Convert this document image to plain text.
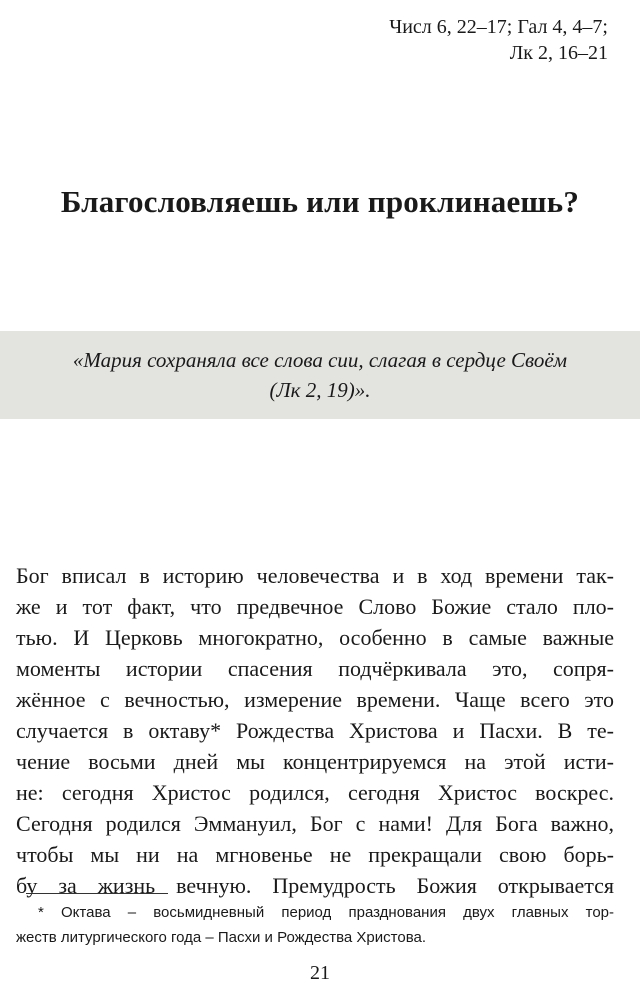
Числ 6, 22–17; Гал 4, 4–7;
Лк 2, 16–21
Благословляешь или проклинаешь?
«Мария сохраняла все слова сии, слагая в сердце Своём
(Лк 2, 19)».
Бог вписал в историю человечества и в ход времени так-
же и тот факт, что предвечное Слово Божие стало пло-
тью. И Церковь многократно, особенно в самые важные
моменты истории спасения подчёркивала это, сопря-
жённое с вечностью, измерение времени. Чаще всего это
случается в октаву* Рождества Христова и Пасхи. В те-
чение восьми дней мы концентрируемся на этой исти-
не: сегодня Христос родился, сегодня Христос воскрес.
Сегодня родился Эммануил, Бог с нами! Для Бога важно,
чтобы мы ни на мгновенье не прекращали свою борь-
бу за жизнь вечную. Премудрость Божия открывается
* Октава – восьмидневный период празднования двух главных тор-
жеств литургического года – Пасхи и Рождества Христова.
21
